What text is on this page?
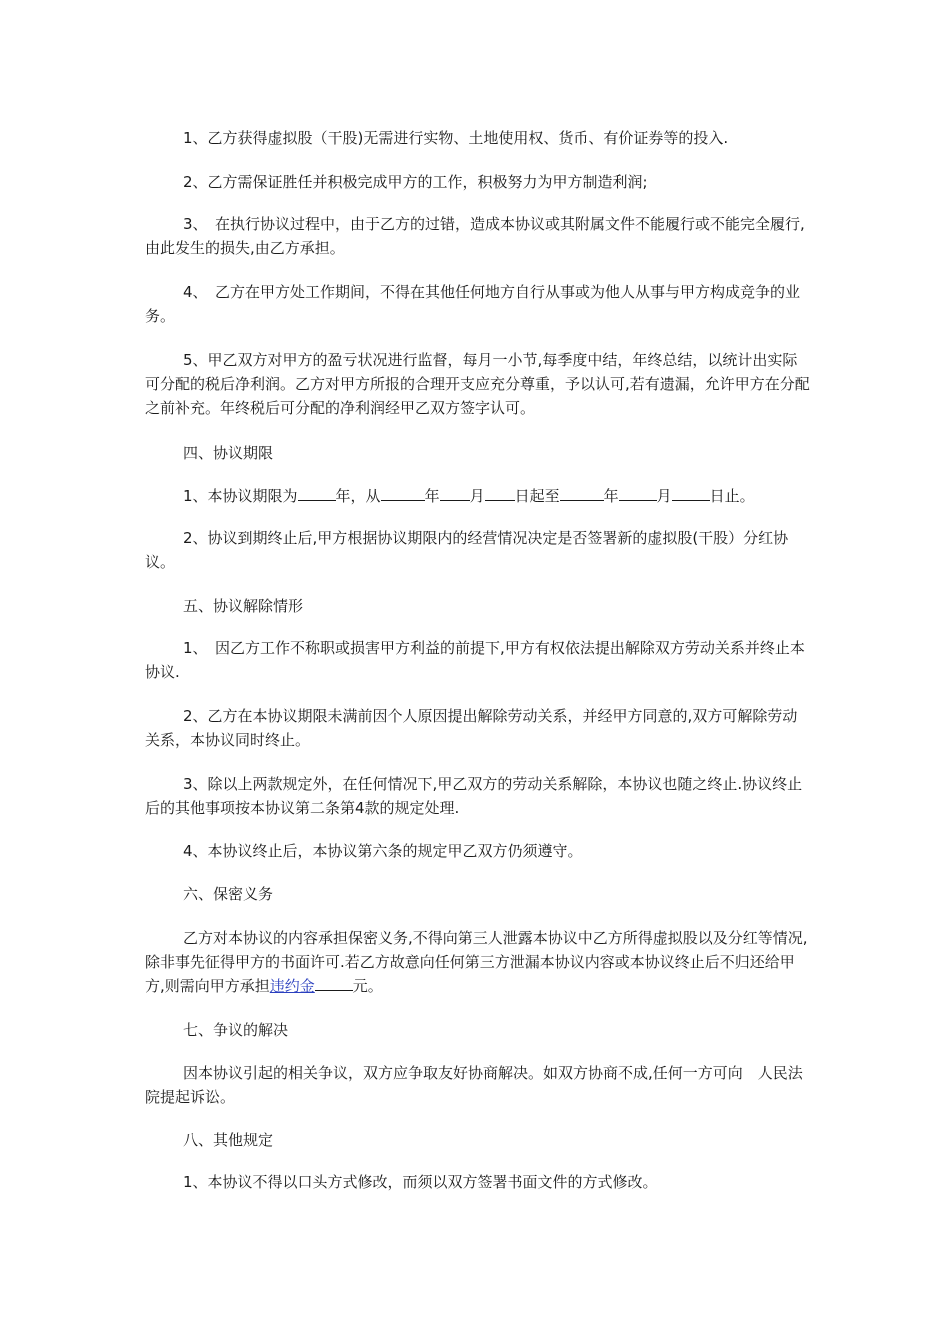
1、乙方获得虚拟股（干股)无需进行实物、土地使用权、货币、有价证券等的投入.

2、乙方需保证胜任并积极完成甲方的工作，积极努力为甲方制造利润;

3、　在执行协议过程中，由于乙方的过错，造成本协议或其附属文件不能履行或不能完全履行,由此发生的损失,由乙方承担。

4、　乙方在甲方处工作期间，不得在其他任何地方自行从事或为他人从事与甲方构成竞争的业务。

5、甲乙双方对甲方的盈亏状况进行监督，每月一小节,每季度中结，年终总结，以统计出实际可分配的税后净利润。乙方对甲方所报的合理开支应充分尊重，予以认可,若有遗漏，允许甲方在分配之前补充。年终税后可分配的净利润经甲乙双方签字认可。

四、协议期限

1、本协议期限为	年，从	年 月 日起至	年	月	日止。

2、协议到期终止后,甲方根据协议期限内的经营情况决定是否签署新的虚拟股(干股）分红协议。

五、协议解除情形

1、　因乙方工作不称职或损害甲方利益的前提下,甲方有权依法提出解除双方劳动关系并终止本协议.

2、乙方在本协议期限未满前因个人原因提出解除劳动关系，并经甲方同意的,双方可解除劳动关系，本协议同时终止。

3、除以上两款规定外，在任何情况下,甲乙双方的劳动关系解除，本协议也随之终止.协议终止后的其他事项按本协议第二条第4款的规定处理.

4、本协议终止后，本协议第六条的规定甲乙双方仍须遵守。

六、保密义务

乙方对本协议的内容承担保密义务,不得向第三人泄露本协议中乙方所得虚拟股以及分红等情况,除非事先征得甲方的书面许可.若乙方故意向任何第三方泄漏本协议内容或本协议终止后不归还给甲方,则需向甲方承担违约金	元。

七、争议的解决

因本协议引起的相关争议，双方应争取友好协商解决。如双方协商不成,任何一方可向　人民法院提起诉讼。

八、其他规定

1、本协议不得以口头方式修改，而须以双方签署书面文件的方式修改。
